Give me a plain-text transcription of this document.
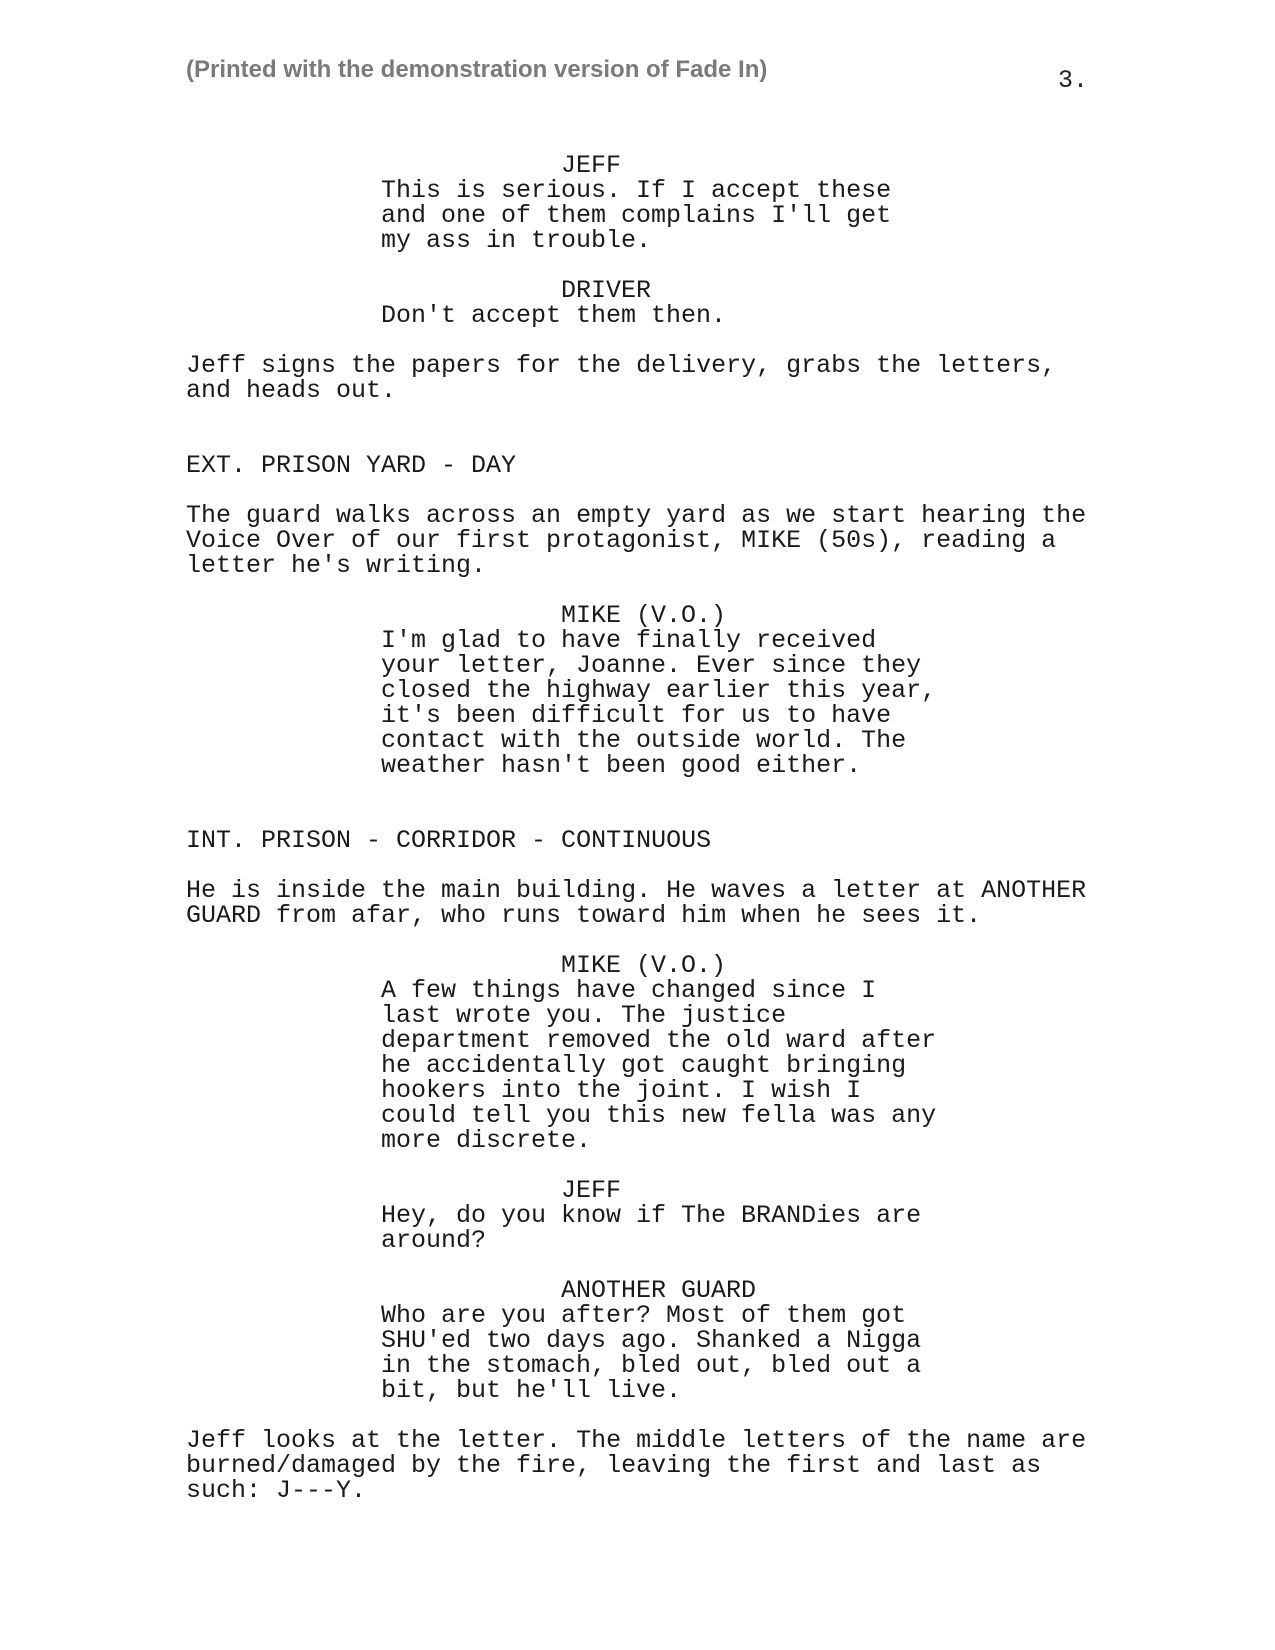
(Printed with the demonstration version of Fade In)	3.
JEFF
This is serious. If I accept these
and one of them complains I'll get
my ass in trouble.
DRIVER
Don't accept them then.
Jeff signs the papers for the delivery, grabs the letters,
and heads out.
EXT. PRISON YARD - DAY
The guard walks across an empty yard as we start hearing the
Voice Over of our first protagonist, MIKE (50s), reading a
letter he's writing.
MIKE (V.O.)
I'm glad to have finally received
your letter, Joanne. Ever since they
closed the highway earlier this year,
it's been difficult for us to have
contact with the outside world. The
weather hasn't been good either.
INT. PRISON - CORRIDOR - CONTINUOUS
He is inside the main building. He waves a letter at ANOTHER
GUARD from afar, who runs toward him when he sees it.
MIKE (V.O.)
A few things have changed since I
last wrote you. The justice
department removed the old ward after
he accidentally got caught bringing
hookers into the joint. I wish I
could tell you this new fella was any
more discrete.
JEFF
Hey, do you know if The BRANDies are
around?
ANOTHER GUARD
Who are you after? Most of them got
SHU'ed two days ago. Shanked a Nigga
in the stomach, bled out, bled out a
bit, but he'll live.
Jeff looks at the letter. The middle letters of the name are
burned/damaged by the fire, leaving the first and last as
such: J---Y.
